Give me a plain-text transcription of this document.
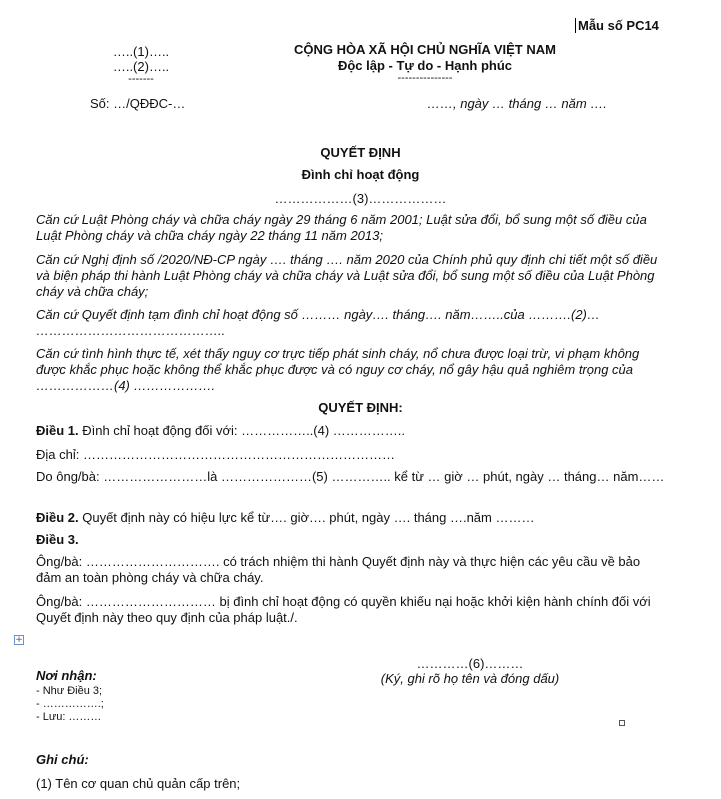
Mẫu số PC14
…..(1)…..
…..(2)…..
-------
Số: …/QĐĐC-…
CỘNG HÒA XÃ HỘI CHỦ NGHĨA VIỆT NAM
Độc lập - Tự do - Hạnh phúc
---------------
……, ngày … tháng … năm ….
QUYẾT ĐỊNH
Đình chỉ hoạt động
………………(3)………………
Căn cứ Luật Phòng cháy và chữa cháy ngày 29 tháng 6 năm 2001; Luật sửa đổi, bổ sung một số điều của Luật Phòng cháy và chữa cháy ngày 22 tháng 11 năm 2013;
Căn cứ Nghị định số /2020/NĐ-CP ngày …. tháng …. năm 2020 của Chính phủ quy định chi tiết một số điều và biện pháp thi hành Luật Phòng cháy và chữa cháy và Luật sửa đổi, bổ sung một số điều của Luật Phòng cháy và chữa cháy;
Căn cứ Quyết định tạm đình chỉ hoạt động số ……… ngày…. tháng…. năm……..của ……….(2)… ……………………………………..
Căn cứ tình hình thực tế, xét thấy nguy cơ trực tiếp phát sinh cháy, nổ chưa được loại trừ, vi phạm không được khắc phục hoặc không thể khắc phục được và có nguy cơ cháy, nổ gây hậu quả nghiêm trọng của ………………(4) ……………….
QUYẾT ĐỊNH:
Điều 1. Đình chỉ hoạt động đối với: ……………..(4) ……………..
Địa chỉ: ………………………………………………………………
Do ông/bà: ……………………là …………………(5) ………….. kể từ … giờ … phút, ngày … tháng… năm……
Điều 2. Quyết định này có hiệu lực kể từ…. giờ…. phút, ngày …. tháng ….năm ………
Điều 3.
Ông/bà: …………………………. có trách nhiệm thi hành Quyết định này và thực hiện các yêu cầu về bảo đảm an toàn phòng cháy và chữa cháy.
Ông/bà: ………………………… bị đình chỉ hoạt động có quyền khiếu nại hoặc khởi kiện hành chính đối với Quyết định này theo quy định của pháp luật./.
+
Nơi nhận:
- Như Điều 3;
- …………….;
- Lưu: ………
…………(6)………
(Ký, ghi rõ họ tên và đóng dấu)
Ghi chú:
(1) Tên cơ quan chủ quản cấp trên;
